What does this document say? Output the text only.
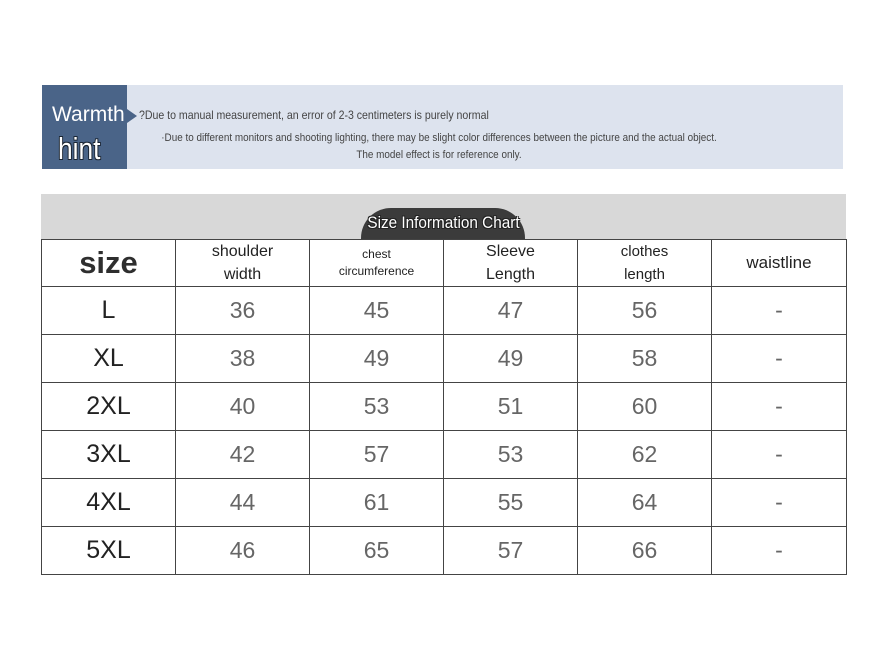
Warmth
hint
?Due to manual measurement, an error of 2-3 centimeters is purely normal
·Due to different monitors and shooting lighting, there may be slight color differences between the picture and the actual object. The model effect is for reference only.
Size Information Chart
size	shoulder width	chest circumference	Sleeve Length	clothes length	waistline
L	36	45	47	56	-
XL	38	49	49	58	-
2XL	40	53	51	60	-
3XL	42	57	53	62	-
4XL	44	61	55	64	-
5XL	46	65	57	66	-
